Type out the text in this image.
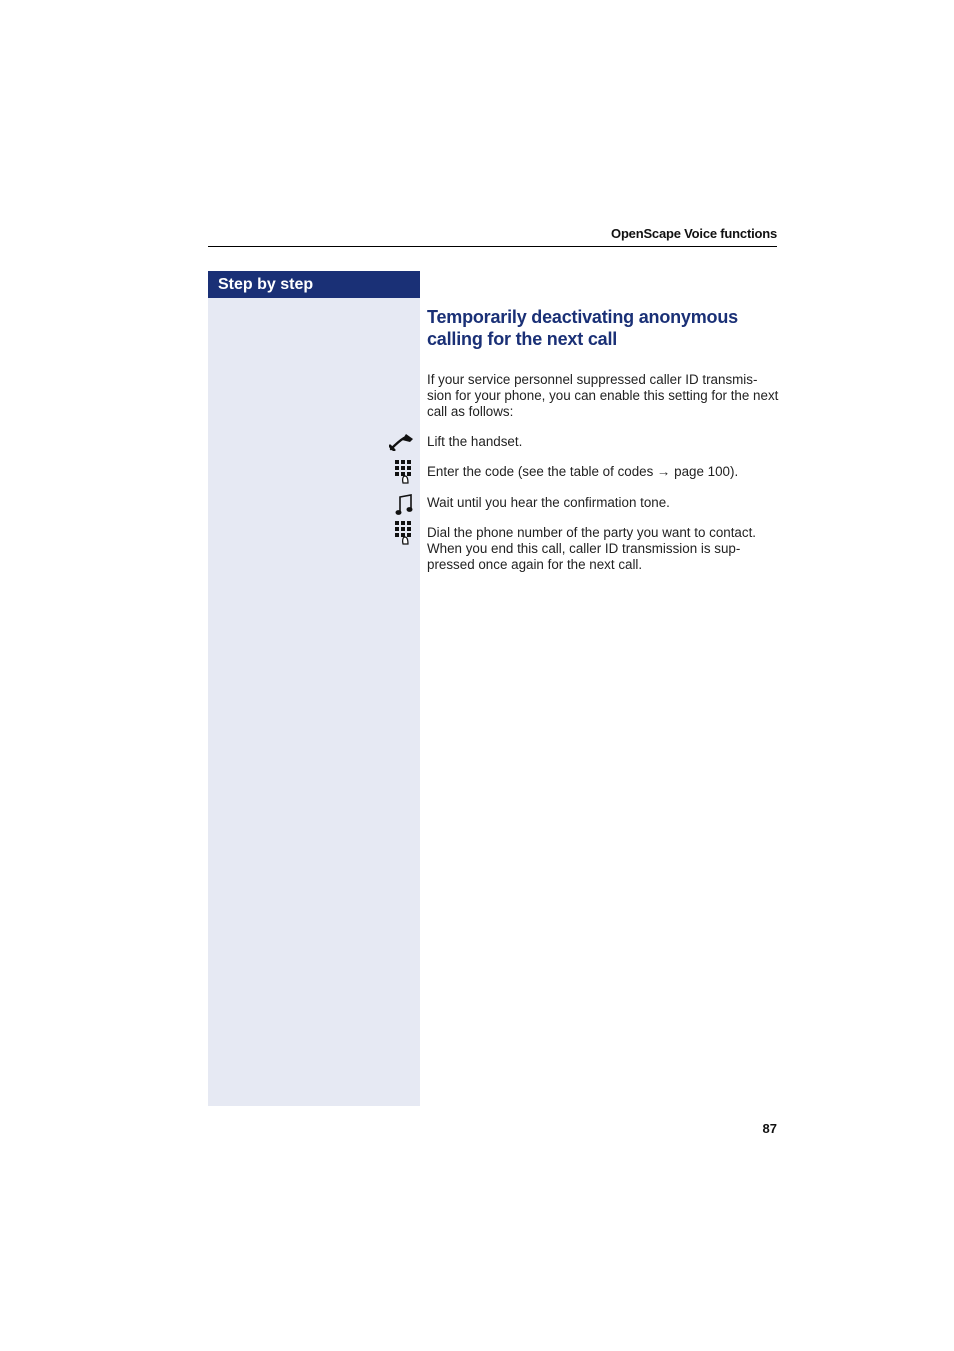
OpenScape Voice functions
Step by step
Temporarily deactivating anonymous calling for the next call

If your service personnel suppressed caller ID transmis-sion for your phone, you can enable this setting for the next call as follows:

Lift the handset.

Enter the code (see the table of codes → page 100).

Wait until you hear the confirmation tone.

Dial the phone number of the party you want to contact. When you end this call, caller ID transmission is sup-pressed once again for the next call.

87
